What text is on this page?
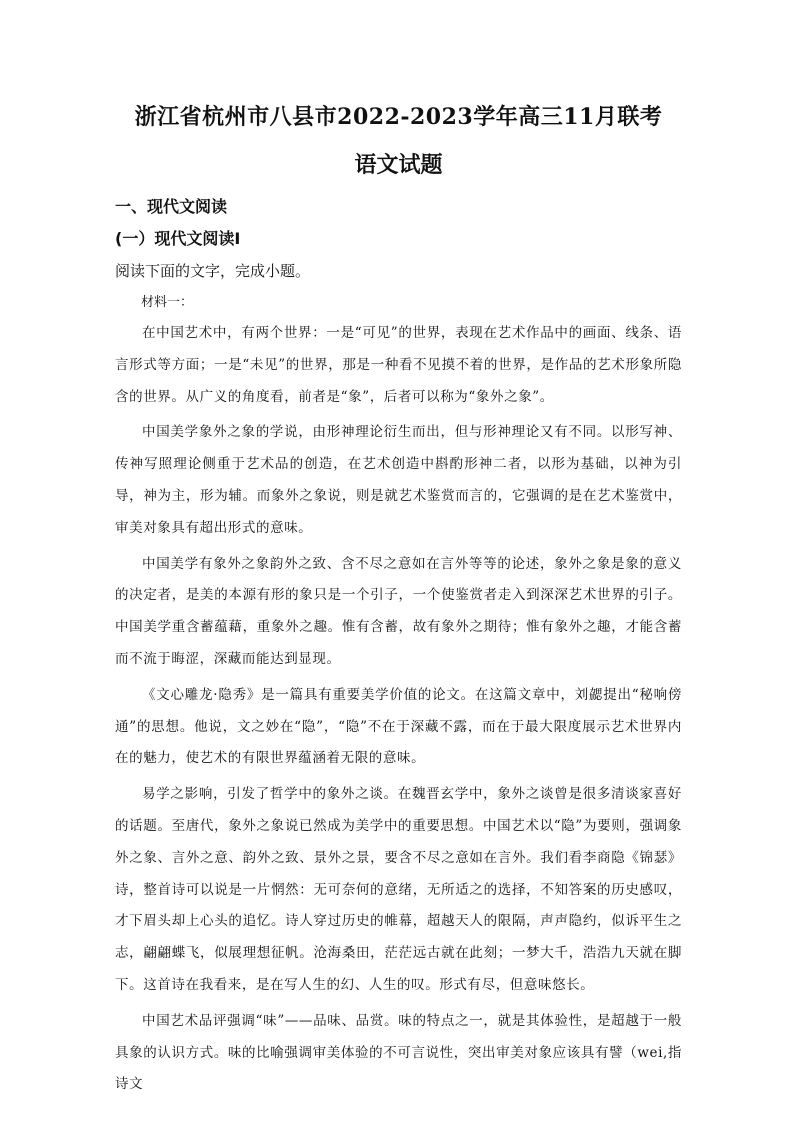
浙江省杭州市八县市2022-2023学年高三11月联考
语文试题
一、现代文阅读
(一）现代文阅读Ⅰ
阅读下面的文字，完成小题。
材料一：

在中国艺术中，有两个世界：一是“可见”的世界，表现在艺术作品中的画面、线条、语言形式等方面；一是“未见”的世界，那是一种看不见摸不着的世界，是作品的艺术形象所隐含的世界。从广义的角度看，前者是“象”，后者可以称为“象外之象”。

中国美学象外之象的学说，由形神理论衍生而出，但与形神理论又有不同。以形写神、传神写照理论侧重于艺术品的创造，在艺术创造中斟酌形神二者，以形为基础，以神为引导，神为主，形为辅。而象外之象说，则是就艺术鉴赏而言的，它强调的是在艺术鉴赏中，审美对象具有超出形式的意味。

中国美学有象外之象韵外之致、含不尽之意如在言外等等的论述，象外之象是象的意义的决定者，是美的本源有形的象只是一个引子，一个使鉴赏者走入到深深艺术世界的引子。中国美学重含蓄蕴藉，重象外之趣。惟有含蓄，故有象外之期待；惟有象外之趣，才能含蓄而不流于晦涩，深藏而能达到显现。

《文心雕龙·隐秀》是一篇具有重要美学价值的论文。在这篇文章中，刘勰提出“秘响傍通”的思想。他说，文之妙在“隐”，“隐”不在于深藏不露，而在于最大限度展示艺术世界内在的魅力，使艺术的有限世界蕴涵着无限的意味。

易学之影响，引发了哲学中的象外之谈。在魏晋玄学中，象外之谈曾是很多清谈家喜好的话题。至唐代，象外之象说已然成为美学中的重要思想。中国艺术以“隐”为要则，强调象外之象、言外之意、韵外之致、景外之景，要含不尽之意如在言外。我们看李商隐《锦瑟》诗，整首诗可以说是一片惘然：无可奈何的意绪，无所适之的选择，不知答案的历史感叹，才下眉头却上心头的追忆。诗人穿过历史的帷幕，超越天人的限隔，声声隐约，似诉平生之志，翩翩蝶飞，似展理想征帆。沧海桑田，茫茫远古就在此刻；一梦大千，浩浩九天就在脚下。这首诗在我看来，是在写人生的幻、人生的叹。形式有尽，但意味悠长。

中国艺术品评强调“味”——品味、品赏。味的特点之一，就是其体验性，是超越于一般具象的认识方式。味的比喻强调审美体验的不可言说性，突出审美对象应该具有譬（wei,指诗文
